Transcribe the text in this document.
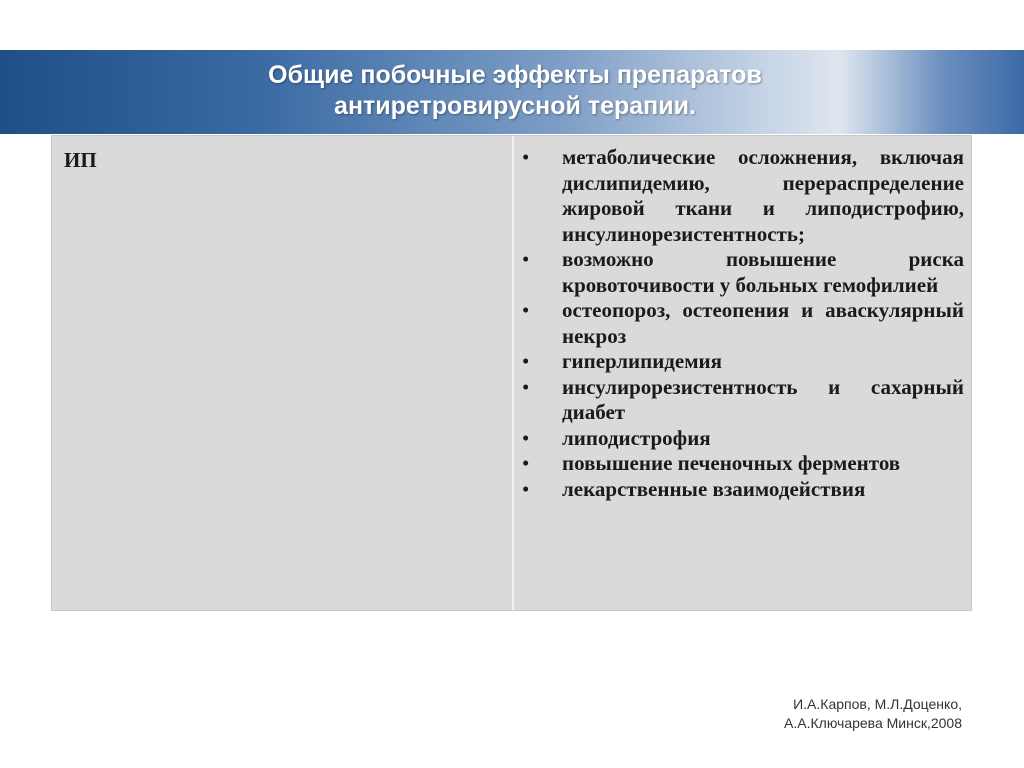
Общие побочные эффекты препаратов
антиретровирусной терапии.
ИП	• метаболические осложнения, включая дислипидемию, перераспределение жировой ткани и липодистрофию, инсулинорезистентность;
• возможно повышение риска кровоточивости у больных гемофилией
• остеопороз, остеопения и аваскулярный некроз
• гиперлипидемия
• инсулирорезистентность и сахарный диабет
• липодистрофия
• повышение печеночных ферментов
• лекарственные взаимодействия
И.А.Карпов, М.Л.Доценко,
А.А.Ключарева Минск,2008
